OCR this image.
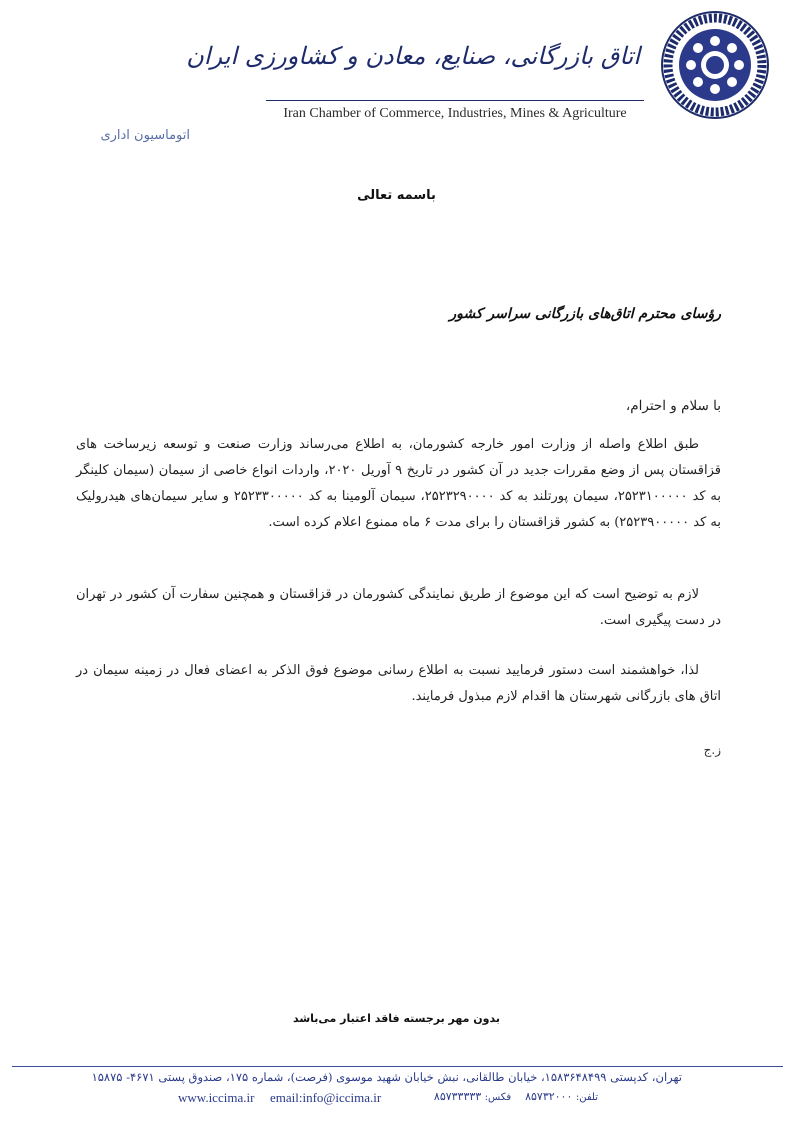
اتاق بازرگانی، صنایع، معادن و کشاورزی ایران
Iran Chamber of Commerce, Industries, Mines & Agriculture
اتوماسیون اداری
باسمه تعالی
رؤسای محترم اتاق‌های بازرگانی سراسر کشور
با سلام و احترام،
طبق اطلاع واصله از وزارت امور خارجه کشورمان، به اطلاع می‌رساند وزارت صنعت و توسعه زیرساخت های قزاقستان پس از وضع مقررات جدید در آن کشور در تاریخ ۹ آوریل ۲۰۲۰، واردات انواع خاصی از سیمان (سیمان کلینگر به کد ۲۵۲۳۱۰۰۰۰۰، سیمان پورتلند به کد ۲۵۲۳۲۹۰۰۰۰، سیمان آلومینا به کد ۲۵۲۳۳۰۰۰۰۰ و سایر سیمان‌های هیدرولیک به کد ۲۵۲۳۹۰۰۰۰۰) به کشور قزاقستان را برای مدت ۶ ماه ممنوع اعلام کرده است.
لازم به توضیح است که این موضوع از طریق نمایندگی کشورمان در قزاقستان و همچنین سفارت آن کشور در تهران در دست پیگیری است.
لذا، خواهشمند است دستور فرمایید نسبت به اطلاع رسانی موضوع فوق الذکر به اعضای فعال در زمینه سیمان در اتاق های بازرگانی شهرستان ها اقدام لازم مبذول فرمایند.
ز.ج
بدون مهر برجسته فاقد اعتبار می‌باشد
تهران، کدپستی ۱۵۸۳۶۴۸۴۹۹، خیابان طالقانی، نبش خیابان شهید موسوی (فرصت)، شماره ۱۷۵، صندوق پستی ۴۶۷۱- ۱۵۸۷۵
www.iccima.ir email:info@iccima.ir	تلفن: ۸۵۷۳۲۰۰۰فکس: ۸۵۷۳۳۳۳۳
